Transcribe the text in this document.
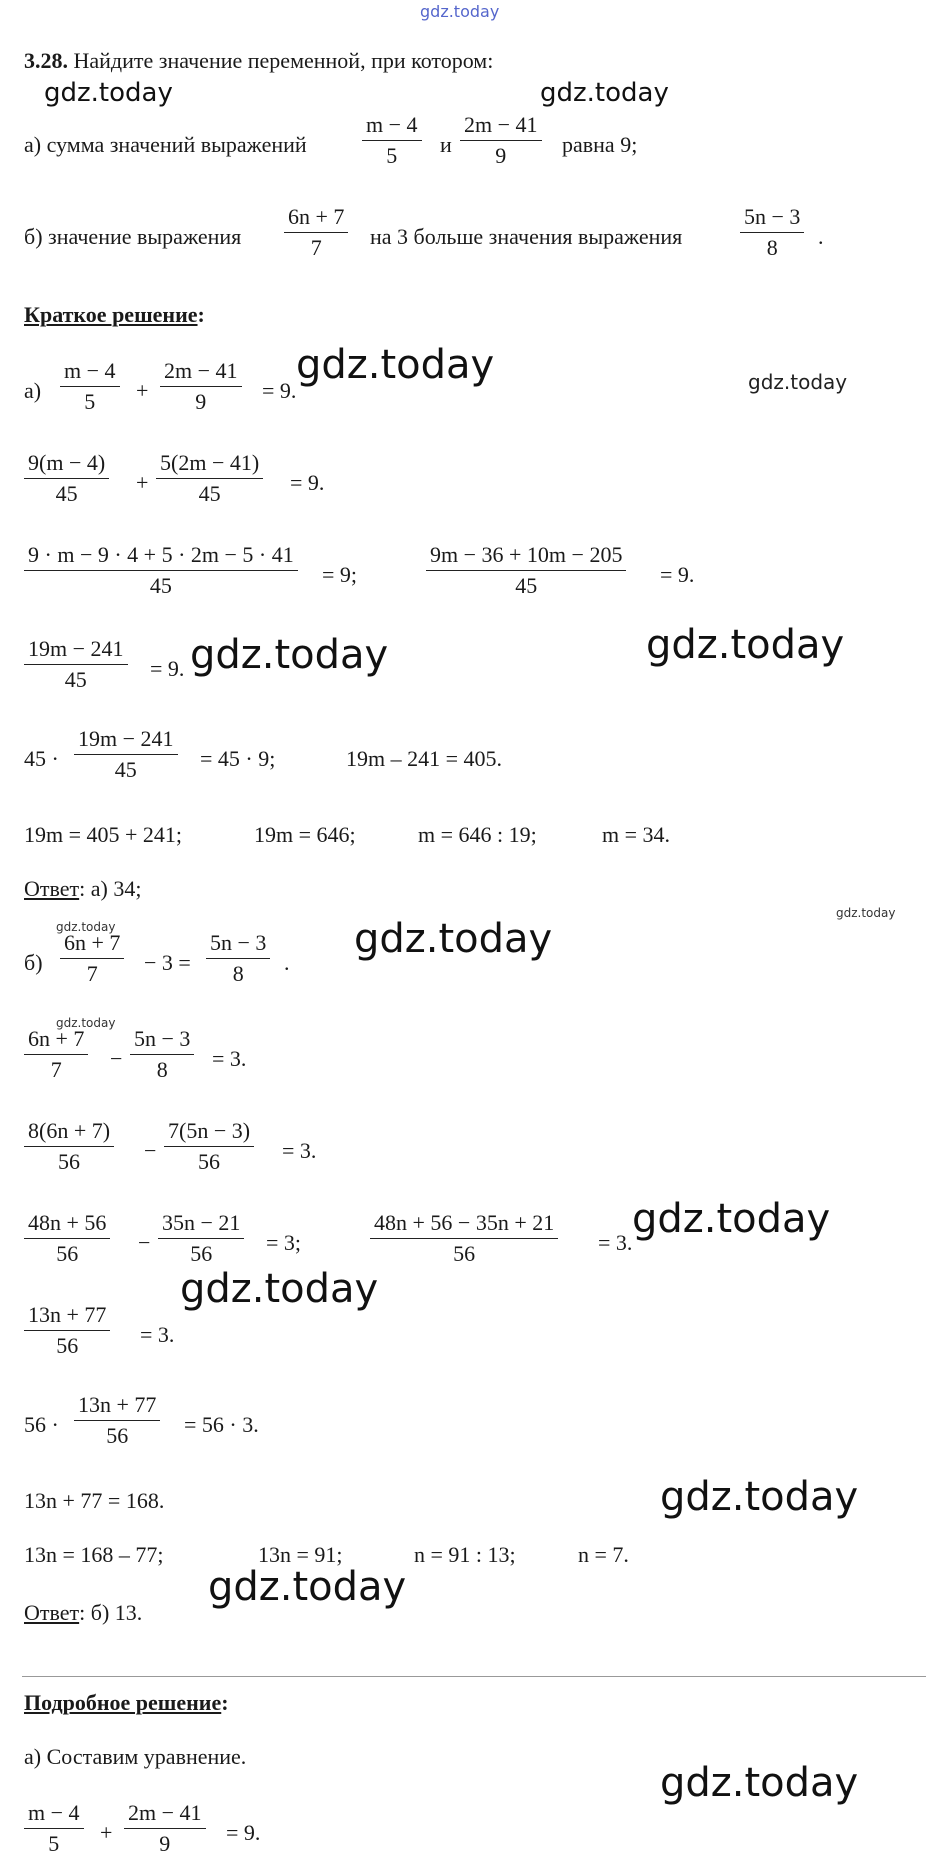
gdz.today
3.28. Найдите значение переменной, при котором:
gdz.today	gdz.today
а) сумма значений выражений
m − 4
5	и
2m − 41
9	равна 9;
б) значение выражения
6n + 7
7	на 3 больше значения выражения
5n − 3
8	.
Краткое решение:
а)
m − 4
5	+
2m − 41
9	= 9.
gdz.today	gdz.today
9(m − 4)
45	+
5(2m − 41)
45	= 9.
9 · m − 9 · 4 + 5 · 2m − 5 · 41
45	= 9;
9m − 36 + 10m − 205
45	= 9.
19m − 241
45	= 9. gdz.today	gdz.today
45 ·
19m − 241
45	= 45 · 9;	19m – 241 = 405.
19m = 405 + 241;	19m = 646;	m = 646 : 19;	m = 34.
Ответ: а) 34;
gdz.today
gdz.today
б)
6n + 7
7	− 3 =
5n − 3
8	.
gdz.today
gdz.today
6n + 7
7	−
5n − 3
8	= 3.
8(6n + 7)
56	−
7(5n − 3)
56	= 3.
48n + 56
56	−
35n − 21
56	= 3;
48n + 56 − 35n + 21
56	= 3.
gdz.today
gdz.today
13n + 77
56	= 3.
56 ·
13n + 77
56	= 56 · 3.
13n + 77 = 168.	gdz.today
13n = 168 – 77;	13n = 91;	n = 91 : 13;	n = 7.
Ответ: б) 13.
gdz.today
Подробное решение:
а) Составим уравнение.
gdz.today
m − 4
5	+
2m − 41
9	= 9.
